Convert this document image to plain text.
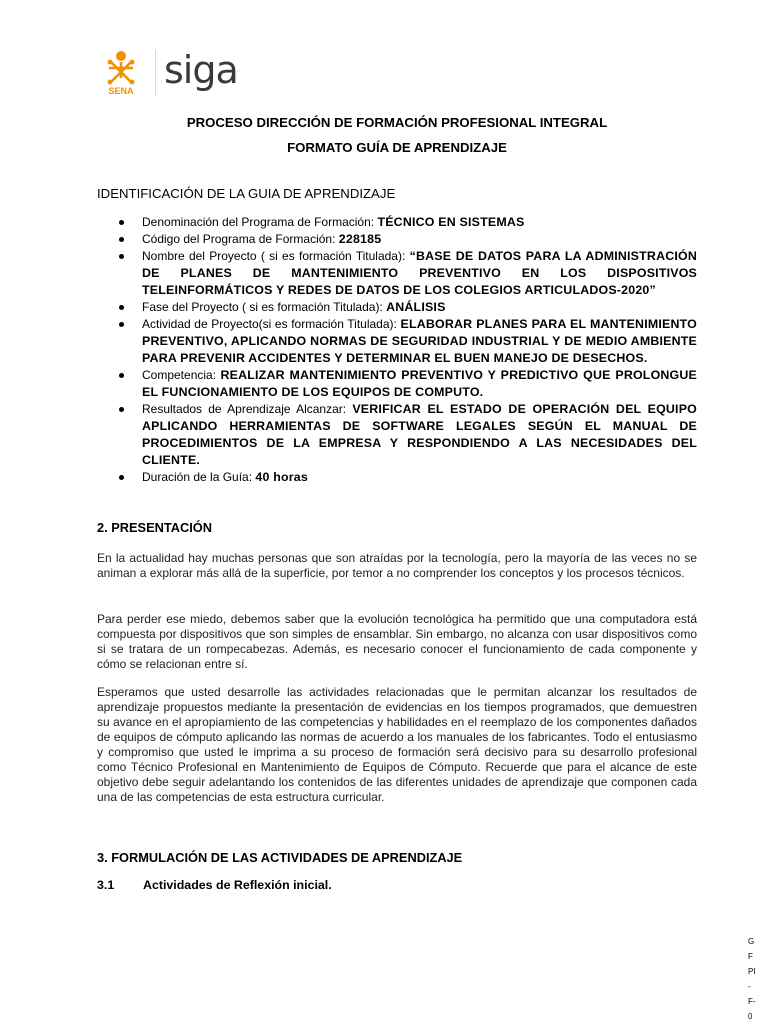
SENA siga
PROCESO DIRECCIÓN DE FORMACIÓN PROFESIONAL INTEGRAL
FORMATO GUÍA DE APRENDIZAJE
IDENTIFICACIÓN DE LA GUIA DE APRENDIZAJE
Denominación del Programa de Formación: TÉCNICO EN SISTEMAS
Código del Programa de Formación: 228185
Nombre del Proyecto ( si es formación Titulada): “BASE DE DATOS PARA LA ADMINISTRACIÓN DE PLANES DE MANTENIMIENTO PREVENTIVO EN LOS DISPOSITIVOS TELEINFORMÁTICOS Y REDES DE DATOS DE LOS COLEGIOS ARTICULADOS-2020”
Fase del Proyecto ( si es formación Titulada): ANÁLISIS
Actividad de Proyecto(si es formación Titulada): ELABORAR PLANES PARA EL MANTENIMIENTO PREVENTIVO, APLICANDO NORMAS DE SEGURIDAD INDUSTRIAL Y DE MEDIO AMBIENTE PARA PREVENIR ACCIDENTES Y DETERMINAR EL BUEN MANEJO DE DESECHOS.
Competencia: REALIZAR MANTENIMIENTO PREVENTIVO Y PREDICTIVO QUE PROLONGUE EL FUNCIONAMIENTO DE LOS EQUIPOS DE COMPUTO.
Resultados de Aprendizaje Alcanzar: VERIFICAR EL ESTADO DE OPERACIÓN DEL EQUIPO APLICANDO HERRAMIENTAS DE SOFTWARE LEGALES SEGÚN EL MANUAL DE PROCEDIMIENTOS DE LA EMPRESA Y RESPONDIENDO A LAS NECESIDADES DEL CLIENTE.
Duración de la Guía: 40 horas
2. PRESENTACIÓN
En la actualidad hay muchas personas que son atraídas por la tecnología, pero la mayoría de las veces no se animan a explorar más allá de la superficie, por temor a no comprender los conceptos y los procesos técnicos.
Para perder ese miedo, debemos saber que la evolución tecnológica ha permitido que una computadora está compuesta por dispositivos que son simples de ensamblar. Sin embargo, no alcanza con usar dispositivos como si se tratara de un rompecabezas. Además, es necesario conocer el funcionamiento de cada componente y cómo se relacionan entre sí.
Esperamos que usted desarrolle las actividades relacionadas que le permitan alcanzar los resultados de aprendizaje propuestos mediante la presentación de evidencias en los tiempos programados, que demuestren su avance en el apropiamiento de las competencias y habilidades en el reemplazo de los componentes dañados de equipos de cómputo aplicando las normas de acuerdo a los manuales de los fabricantes. Todo el entusiasmo y compromiso que usted le imprima a su proceso de formación será decisivo para su desarrollo profesional como Técnico Profesional en Mantenimiento de Equipos de Cómputo. Recuerde que para el alcance de este objetivo debe seguir adelantando los contenidos de las diferentes unidades de aprendizaje que componen cada una de las competencias de esta estructura curricular.
3. FORMULACIÓN DE LAS ACTIVIDADES DE APRENDIZAJE
3.1 Actividades de Reflexión inicial.
G
F
PI
-
F-
0
